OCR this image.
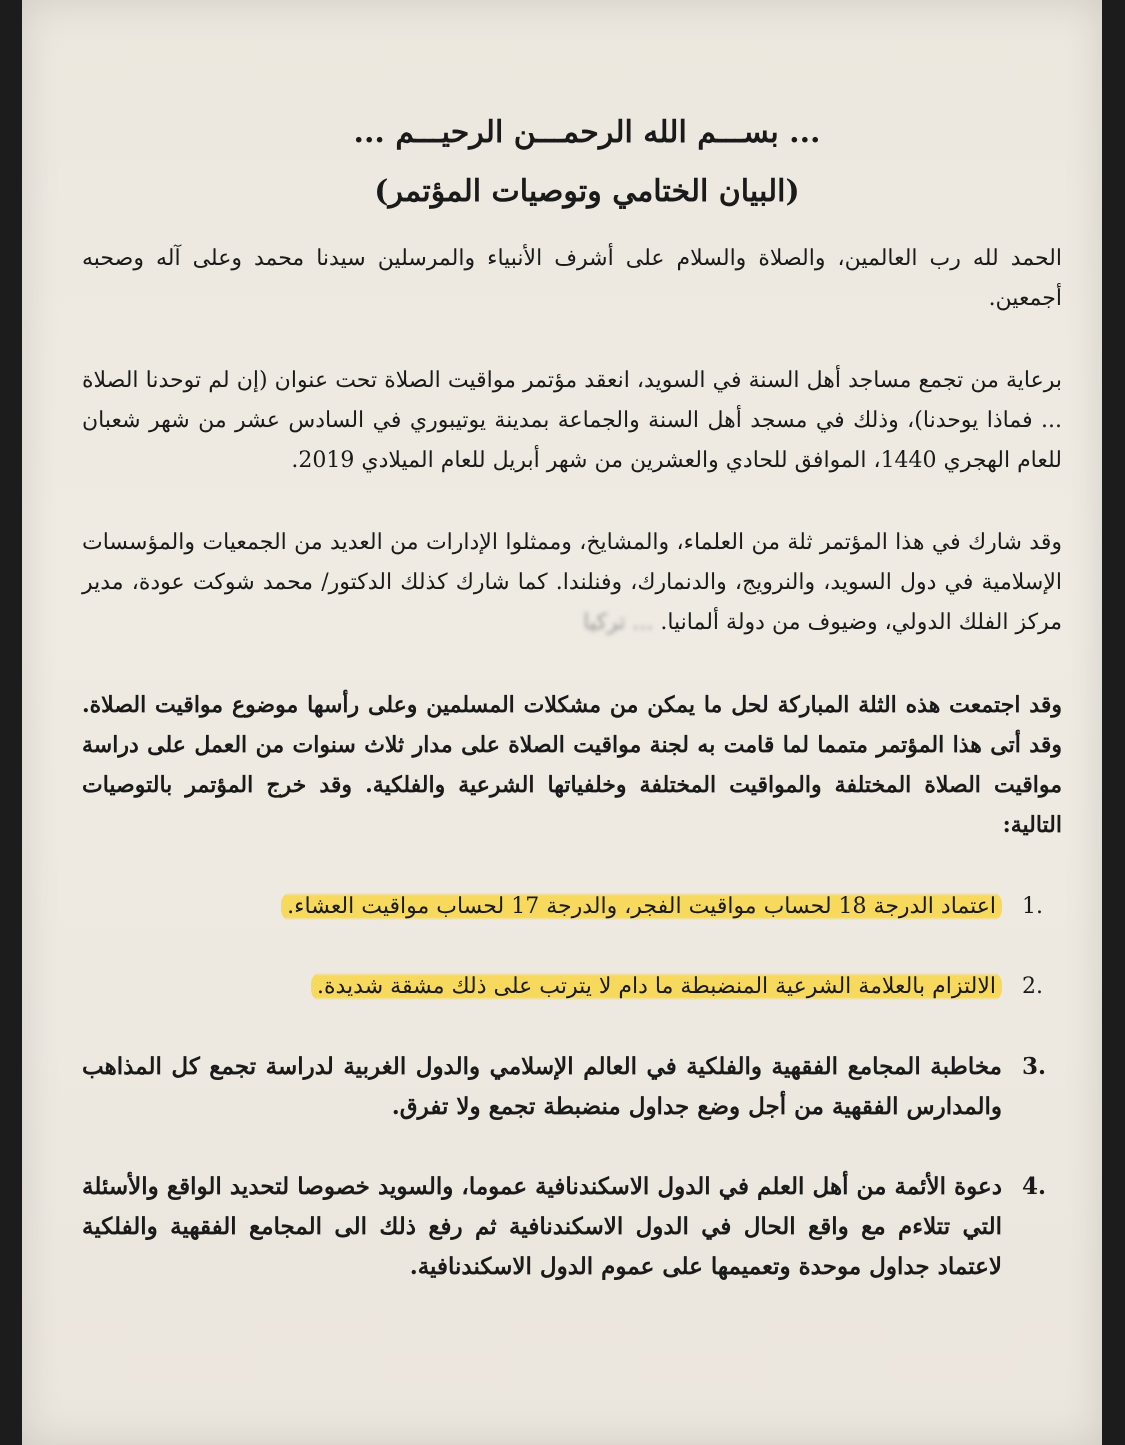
... بســـم الله الرحمـــن الرحيـــم ...
(البيان الختامي وتوصيات المؤتمر)

الحمد لله رب العالمين، والصلاة والسلام على أشرف الأنبياء والمرسلين سيدنا محمد وعلى آله وصحبه أجمعين.

برعاية من تجمع مساجد أهل السنة في السويد، انعقد مؤتمر مواقيت الصلاة تحت عنوان (إن لم توحدنا الصلاة ... فماذا يوحدنا)، وذلك في مسجد أهل السنة والجماعة بمدينة يوتيبوري في السادس عشر من شهر شعبان للعام الهجري 1440، الموافق للحادي والعشرين من شهر أبريل للعام الميلادي 2019.

وقد شارك في هذا المؤتمر ثلة من العلماء، والمشايخ، وممثلوا الإدارات من العديد من الجمعيات والمؤسسات الإسلامية في دول السويد، والنرويج، والدنمارك، وفنلندا. كما شارك كذلك الدكتور/ محمد شوكت عودة، مدير مركز الفلك الدولي، وضيوف من دولة ألمانيا. ... تركيا

وقد اجتمعت هذه الثلة المباركة لحل ما يمكن من مشكلات المسلمين وعلى رأسها موضوع مواقيت الصلاة. وقد أتى هذا المؤتمر متمما لما قامت به لجنة مواقيت الصلاة على مدار ثلاث سنوات من العمل على دراسة مواقيت الصلاة المختلفة والمواقيت المختلفة وخلفياتها الشرعية والفلكية. وقد خرج المؤتمر بالتوصيات التالية:

1.
اعتماد الدرجة 18 لحساب مواقيت الفجر، والدرجة 17 لحساب مواقيت العشاء.
2.
الالتزام بالعلامة الشرعية المنضبطة ما دام لا يترتب على ذلك مشقة شديدة.
3.
مخاطبة المجامع الفقهية والفلكية في العالم الإسلامي والدول الغربية لدراسة تجمع كل المذاهب والمدارس الفقهية من أجل وضع جداول منضبطة تجمع ولا تفرق.
4.
دعوة الأئمة من أهل العلم في الدول الاسكندنافية عموما، والسويد خصوصا لتحديد الواقع والأسئلة التي تتلاءم مع واقع الحال في الدول الاسكندنافية ثم رفع ذلك الى المجامع الفقهية والفلكية لاعتماد جداول موحدة وتعميمها على عموم الدول الاسكندنافية.
